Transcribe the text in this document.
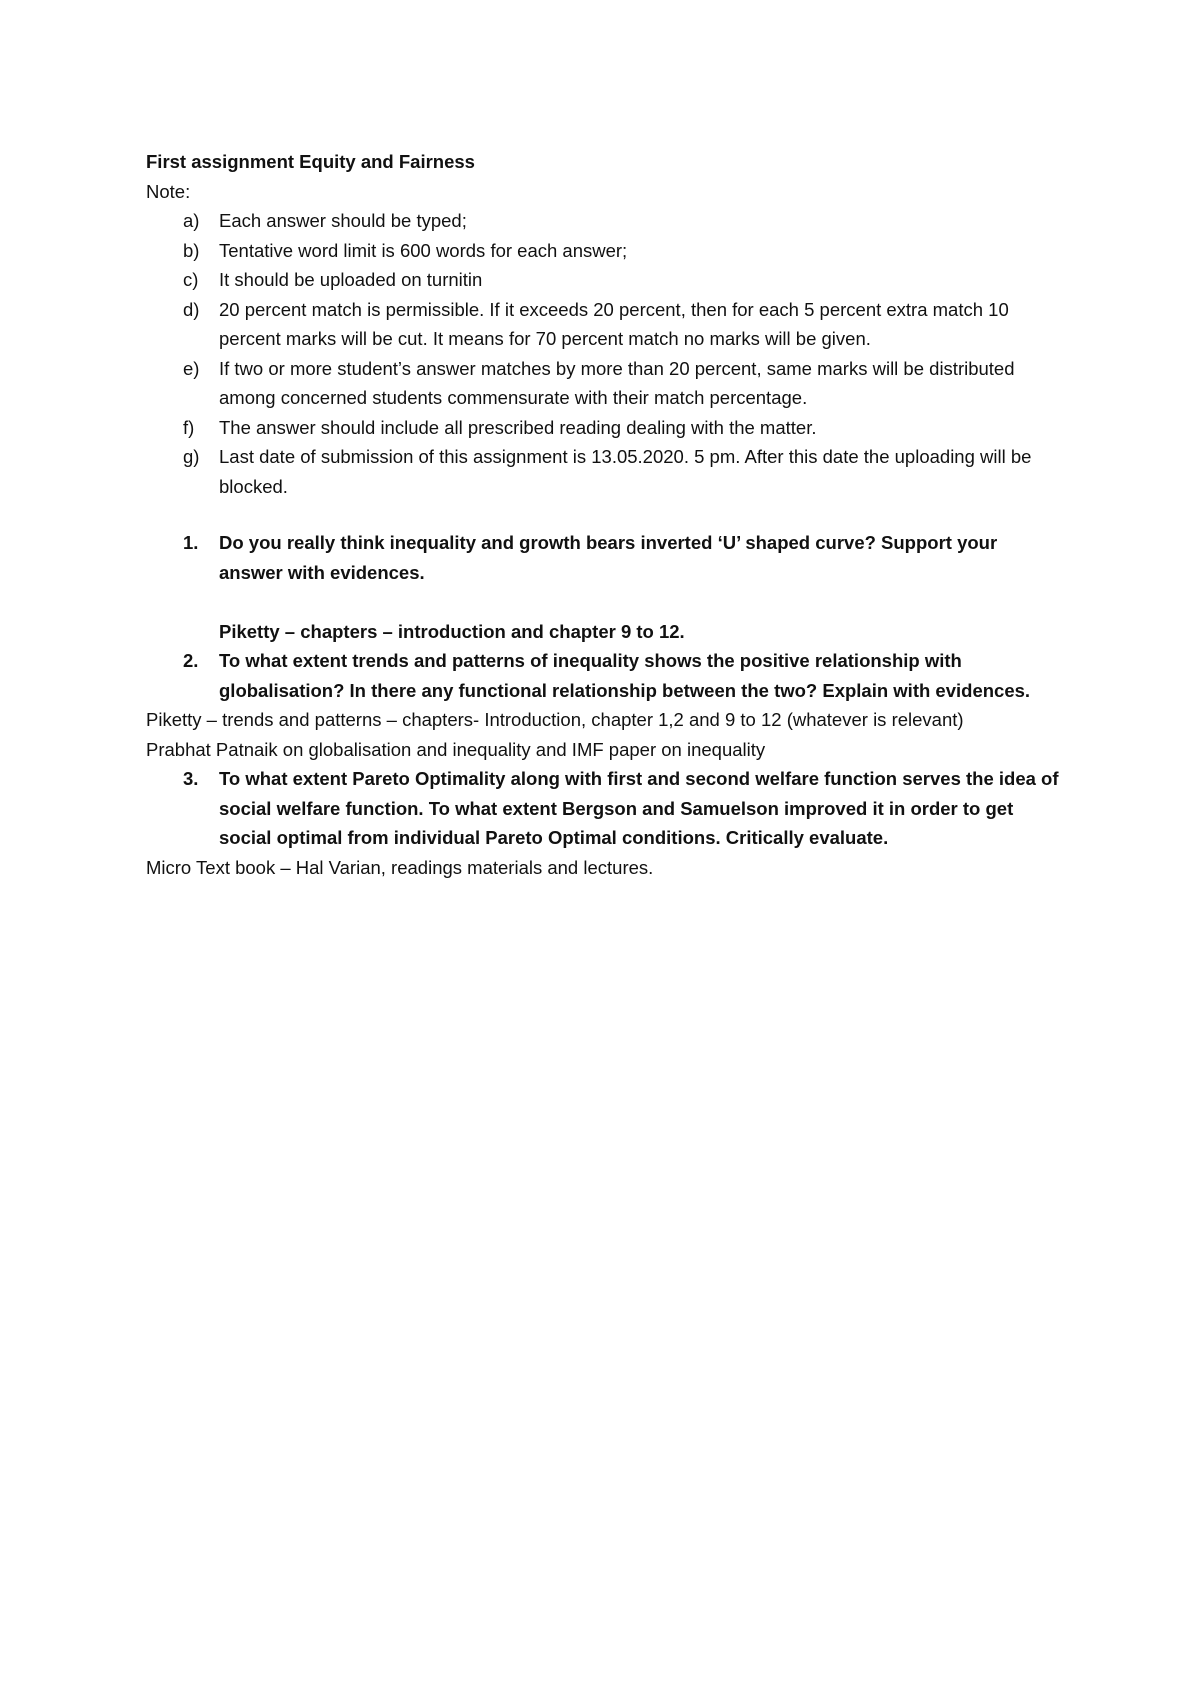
First assignment Equity and Fairness

Note:

a) Each answer should be typed;
b) Tentative word limit is 600 words for each answer;
c) It should be uploaded on turnitin
d) 20 percent match is permissible. If it exceeds 20 percent, then for each 5 percent extra match 10 percent marks will be cut. It means for 70 percent match no marks will be given.
e) If two or more student’s answer matches by more than 20 percent, same marks will be distributed among concerned students commensurate with their match percentage.
f) The answer should include all prescribed reading dealing with the matter.
g) Last date of submission of this assignment is 13.05.2020. 5 pm. After this date the uploading will be blocked.
1. Do you really think inequality and growth bears inverted ‘U’ shaped curve? Support your answer with evidences.
Piketty – chapters – introduction and chapter 9 to 12.
2. To what extent trends and patterns of inequality shows the positive relationship with globalisation? In there any functional relationship between the two? Explain with evidences.

Piketty – trends and patterns – chapters- Introduction, chapter 1,2 and 9 to 12 (whatever is relevant)

Prabhat Patnaik on globalisation and inequality and IMF paper on inequality

3. To what extent Pareto Optimality along with first and second welfare function serves the idea of social welfare function. To what extent Bergson and Samuelson improved it in order to get social optimal from individual Pareto Optimal conditions. Critically evaluate.

Micro Text book – Hal Varian, readings materials and lectures.
